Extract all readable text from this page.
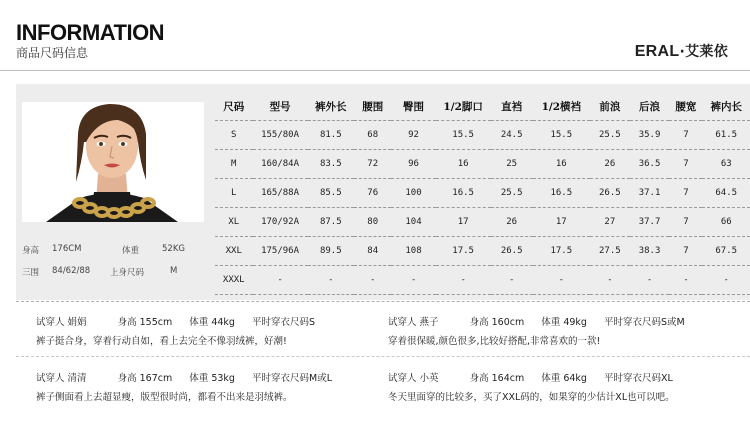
INFORMATION
商品尺码信息	ERAL·艾莱依
身高 176CM	体重	52KG
三围 84/62/88 上身尺码	M
尺码	型号	裤外长	腰围	臀围	1/2脚口	直裆	1/2横裆	前浪	后浪	腰宽	裤内长
S	155/80A	81.5	68	92	15.5	24.5	15.5	25.5	35.9	7	61.5
M	160/84A	83.5	72	96	16	25	16	26	36.5	7	63
L	165/88A	85.5	76	100	16.5	25.5	16.5	26.5	37.1	7	64.5
XL	170/92A	87.5	80	104	17	26	17	27	37.7	7	66
XXL	175/96A	89.5	84	108	17.5	26.5	17.5	27.5	38.3	7	67.5
XXXL	-	-	-	-	-	-	-	-	-	-	-
试穿人 娟娟	身高 155cm 体重 44kg 平时穿衣尺码S
裤子挺合身，穿着行动自如，看上去完全不像羽绒裤，好潮!
试穿人 燕子	身高 160cm 体重 49kg 平时穿衣尺码S或M
穿着很保暖,颜色很多,比较好搭配,非常喜欢的一款!
试穿人 清清	身高 167cm 体重 53kg 平时穿衣尺码M或L
裤子侧面看上去超显瘦，版型很时尚，都看不出来是羽绒裤。
试穿人 小英	身高 164cm 体重 64kg 平时穿衣尺码XL
冬天里面穿的比较多，买了XXL码的，如果穿的少估计XL也可以吧。
